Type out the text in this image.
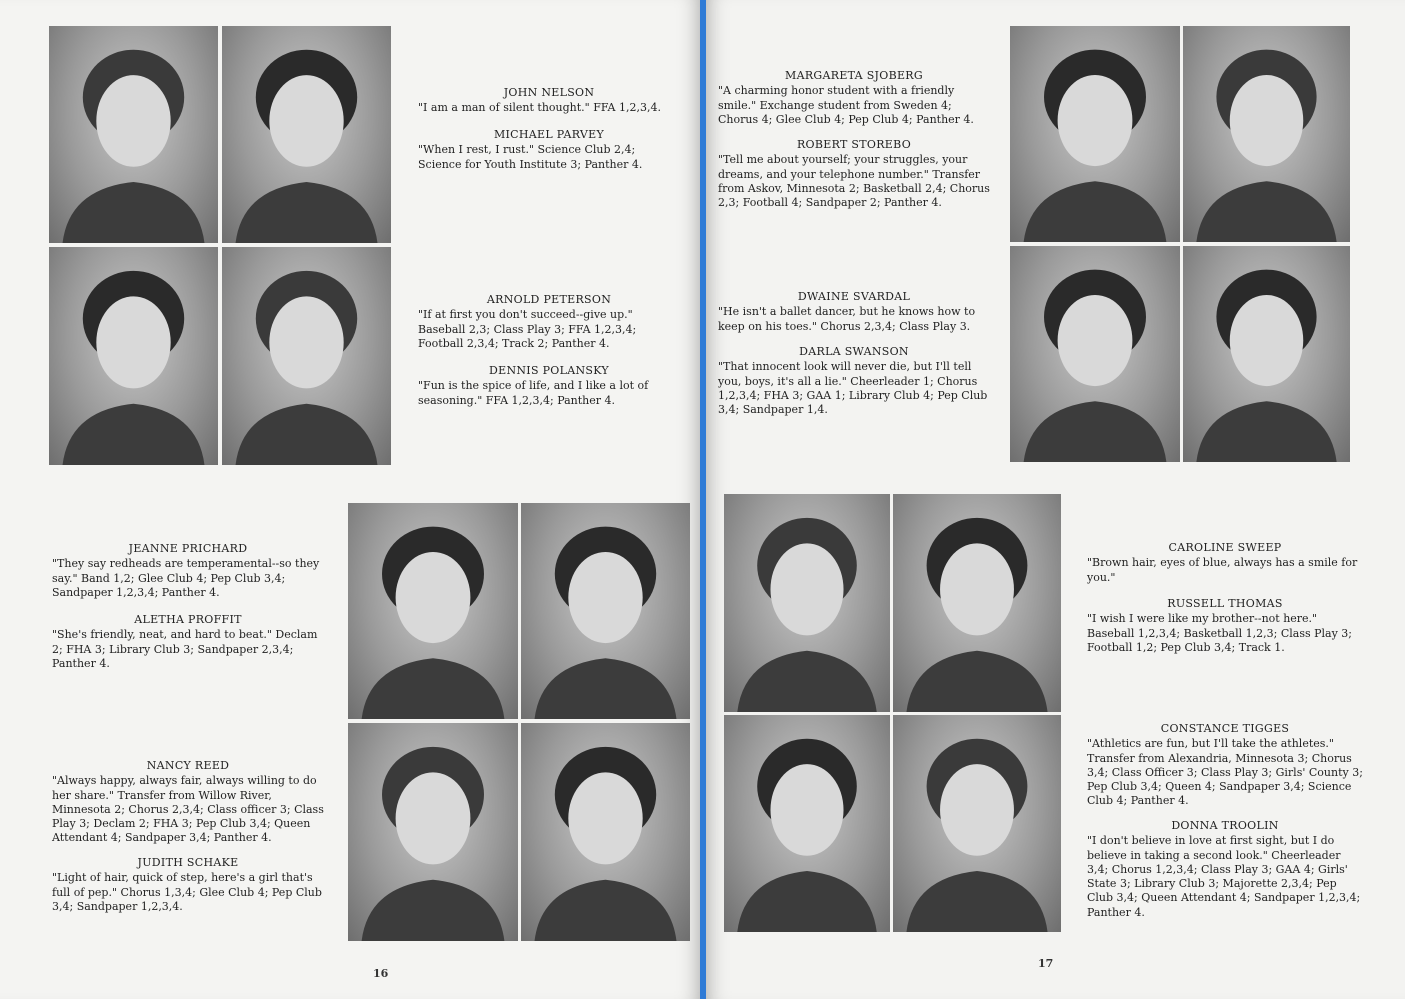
JOHN NELSON
"I am a man of silent thought." FFA 1,2,3,4.
MICHAEL PARVEY
"When I rest, I rust." Science Club 2,4; Science for Youth Institute 3; Panther 4.
ARNOLD PETERSON
"If at first you don't succeed--give up." Baseball 2,3; Class Play 3; FFA 1,2,3,4; Football 2,3,4; Track 2; Panther 4.
DENNIS POLANSKY
"Fun is the spice of life, and I like a lot of seasoning." FFA 1,2,3,4; Panther 4.
JEANNE PRICHARD
"They say redheads are temperamental--so they say." Band 1,2; Glee Club 4; Pep Club 3,4; Sandpaper 1,2,3,4; Panther 4.
ALETHA PROFFIT
"She's friendly, neat, and hard to beat." Declam 2; FHA 3; Library Club 3; Sandpaper 2,3,4; Panther 4.
NANCY REED
"Always happy, always fair, always willing to do her share." Transfer from Willow River, Minnesota 2; Chorus 2,3,4; Class officer 3; Class Play 3; Declam 2; FHA 3; Pep Club 3,4; Queen Attendant 4; Sandpaper 3,4; Panther 4.
JUDITH SCHAKE
"Light of hair, quick of step, here's a girl that's full of pep." Chorus 1,3,4; Glee Club 4; Pep Club 3,4; Sandpaper 1,2,3,4.
16
MARGARETA SJOBERG
"A charming honor student with a friendly smile." Exchange student from Sweden 4; Chorus 4; Glee Club 4; Pep Club 4; Panther 4.
ROBERT STOREBO
"Tell me about yourself; your struggles, your dreams, and your telephone number." Transfer from Askov, Minnesota 2; Basketball 2,4; Chorus 2,3; Football 4; Sandpaper 2; Panther 4.
DWAINE SVARDAL
"He isn't a ballet dancer, but he knows how to keep on his toes." Chorus 2,3,4; Class Play 3.
DARLA SWANSON
"That innocent look will never die, but I'll tell you, boys, it's all a lie." Cheerleader 1; Chorus 1,2,3,4; FHA 3; GAA 1; Library Club 4; Pep Club 3,4; Sandpaper 1,4.
CAROLINE SWEEP
"Brown hair, eyes of blue, always has a smile for you."
RUSSELL THOMAS
"I wish I were like my brother--not here." Baseball 1,2,3,4; Basketball 1,2,3; Class Play 3; Football 1,2; Pep Club 3,4; Track 1.
CONSTANCE TIGGES
"Athletics are fun, but I'll take the athletes." Transfer from Alexandria, Minnesota 3; Chorus 3,4; Class Officer 3; Class Play 3; Girls' County 3; Pep Club 3,4; Queen 4; Sandpaper 3,4; Science Club 4; Panther 4.
DONNA TROOLIN
"I don't believe in love at first sight, but I do believe in taking a second look." Cheerleader 3,4; Chorus 1,2,3,4; Class Play 3; GAA 4; Girls' State 3; Library Club 3; Majorette 2,3,4; Pep Club 3,4; Queen Attendant 4; Sandpaper 1,2,3,4; Panther 4.
17
